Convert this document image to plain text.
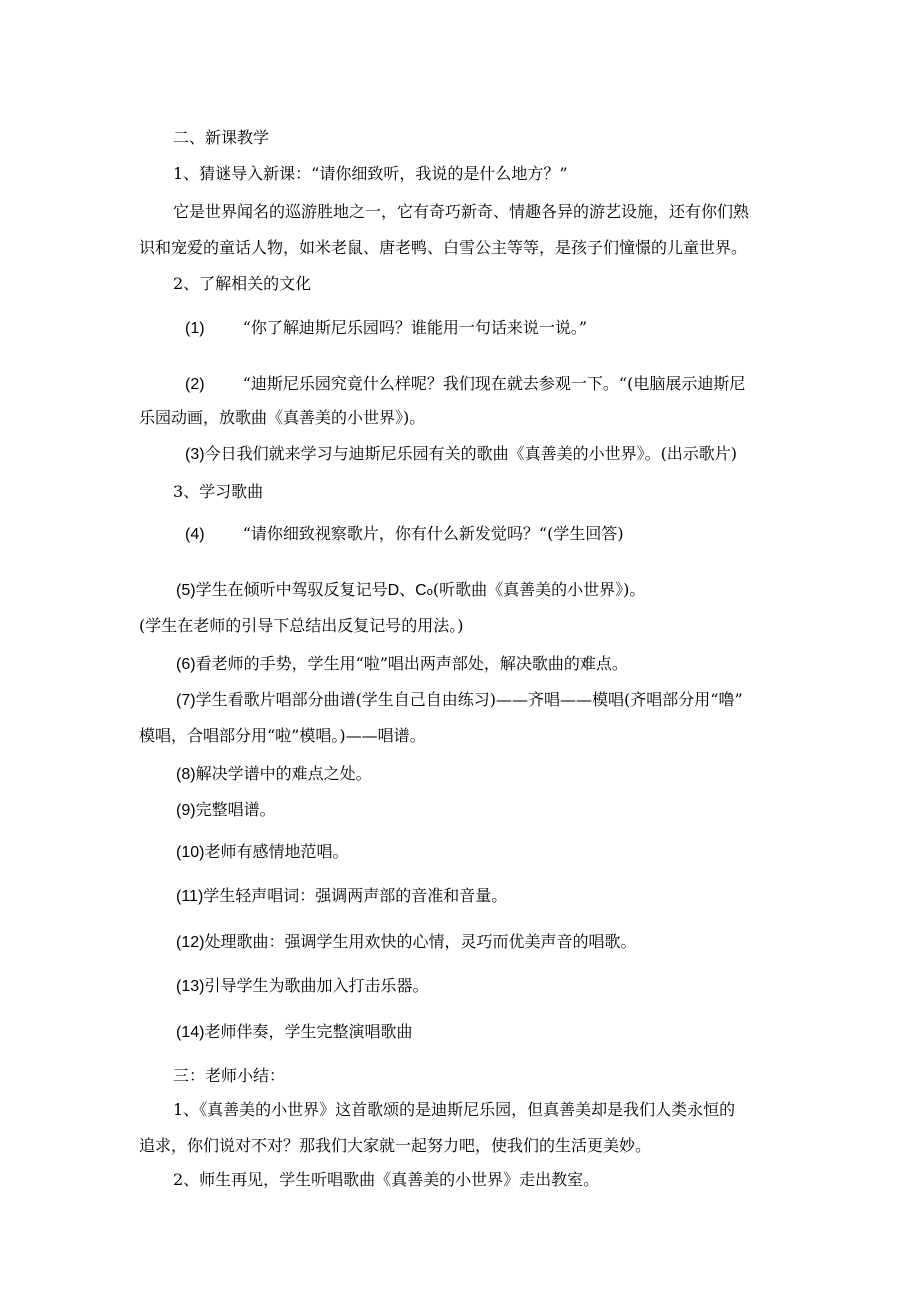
二、新课教学
1、猜谜导入新课：“请你细致听，我说的是什么地方？”
它是世界闻名的巡游胜地之一，它有奇巧新奇、情趣各异的游艺设施，还有你们熟
识和宠爱的童话人物，如米老鼠、唐老鸭、白雪公主等等，是孩子们憧憬的儿童世界。
2、了解相关的文化
(1) “你了解迪斯尼乐园吗？谁能用一句话来说一说。”
(2) “迪斯尼乐园究竟什么样呢？我们现在就去参观一下。“(电脑展示迪斯尼
乐园动画，放歌曲《真善美的小世界》)。
(3)今日我们就来学习与迪斯尼乐园有关的歌曲《真善美的小世界》。(出示歌片)
3、学习歌曲
(4) “请你细致视察歌片，你有什么新发觉吗？“(学生回答)
(5)学生在倾听中驾驭反复记号D、Co(听歌曲《真善美的小世界》)。
(学生在老师的引导下总结出反复记号的用法。)
(6)看老师的手势，学生用“啦”唱出两声部处，解决歌曲的难点。
(7)学生看歌片唱部分曲谱(学生自己自由练习)——齐唱——模唱(齐唱部分用“噜”
模唱，合唱部分用“啦”模唱。)——唱谱。
(8)解决学谱中的难点之处。
(9)完整唱谱。
(10)老师有感情地范唱。
(11)学生轻声唱词：强调两声部的音准和音量。
(12)处理歌曲：强调学生用欢快的心情，灵巧而优美声音的唱歌。
(13)引导学生为歌曲加入打击乐器。
(14)老师伴奏，学生完整演唱歌曲
三：老师小结：
1、《真善美的小世界》这首歌颂的是迪斯尼乐园，但真善美却是我们人类永恒的
追求，你们说对不对？那我们大家就一起努力吧，使我们的生活更美妙。
2、师生再见，学生听唱歌曲《真善美的小世界》走出教室。
